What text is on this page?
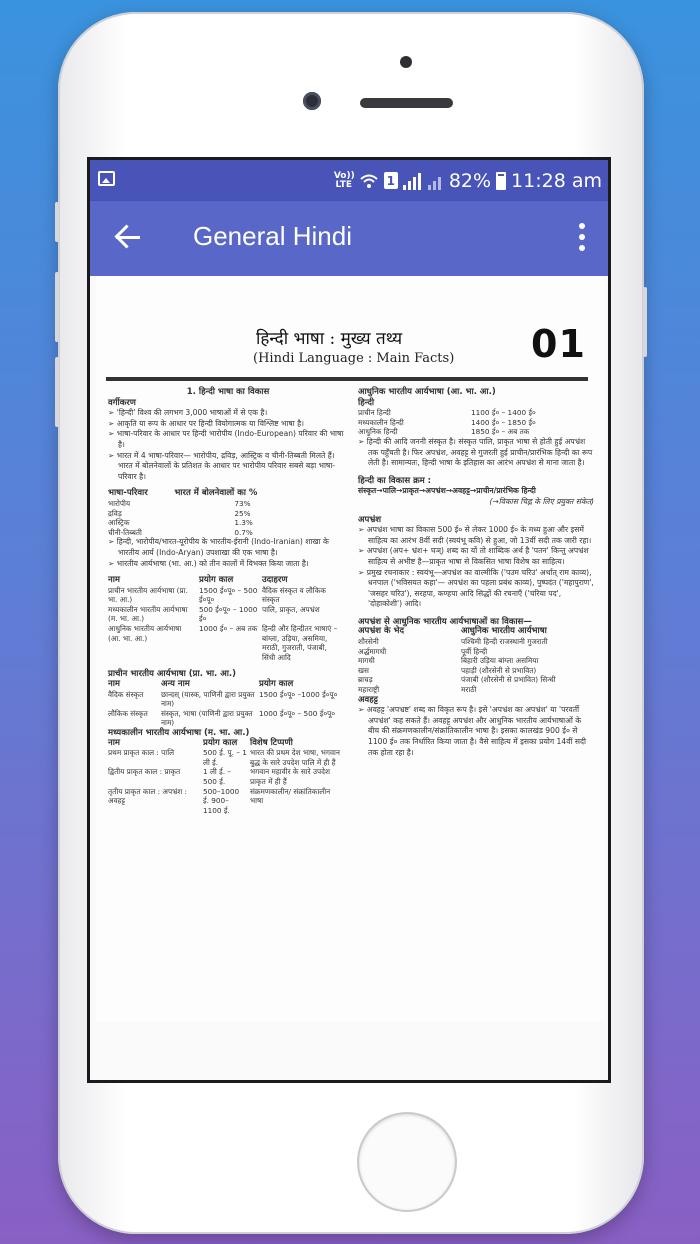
Vo)) LTE	1	82% 11:28 am
General Hindi
हिन्दी भाषा : मुख्य तथ्य
(Hindi Language : Main Facts) 01

1. हिन्दी भाषा का विकास

वर्गीकरण

➢ 'हिन्दी' विश्व की लगभग 3,000 भाषाओं में से एक है।

➢ आकृति या रूप के आधार पर हिन्दी वियोगात्मक या विश्लिष्ट भाषा है।

➢ भाषा-परिवार के आधार पर हिन्दी भारोपीय (Indo-European) परिवार की भाषा है।

➢ भारत में 4 भाषा-परिवार— भारोपीय, द्रविड़, आस्ट्रिक व चीनी-तिब्बती मिलते हैं। भारत में बोलनेवालों के प्रतिशत के आधार पर भारोपीय परिवार सबसे बड़ा भाषा-परिवार है।

भाषा-परिवार	भारत में बोलनेवालों का %
भारोपीय	73%
द्रविड़	25%
आस्ट्रिक	1.3%
चीनी-तिब्बती	0.7%

➢ हिन्दी, भारोपीय/भारत-यूरोपीय के भारतीय-ईरानी (Indo-Iranian) शाखा के भारतीय आर्य (Indo-Aryan) उपशाखा की एक भाषा है।

➢ भारतीय आर्यभाषा (भा. आ.) को तीन कालों में विभक्त किया जाता है।

नाम	प्रयोग काल	उदाहरण
प्राचीन भारतीय आर्यभाषा (प्रा. भा. आ.)	1500 ई०पू० – 500 ई०पू०	वैदिक संस्कृत व लौकिक संस्कृत
मध्यकालीन भारतीय आर्यभाषा (म. भा. आ.)	500 ई०पू० – 1000 ई०	पालि, प्राकृत, अपभ्रंश
आधुनिक भारतीय आर्यभाषा (आ. भा. आ.)	1000 ई० – अब तक	हिन्दी और हिन्दीतर भाषाएं –बांग्ला, उड़िया, असमिया, मराठी, गुजराती, पंजाबी, सिंधी आदि

प्राचीन भारतीय आर्यभाषा (प्रा. भा. आ.)

नाम	अन्य नाम	प्रयोग काल
वैदिक संस्कृत	छान्दस् (यास्क, पाणिनी द्वारा प्रयुक्त नाम)	1500 ई०पू० –1000 ई०पू०
लौकिक संस्कृत	संस्कृत, भाषा (पाणिनी द्वारा प्रयुक्त नाम)	1000 ई०पू० – 500 ई०पू०

मध्यकालीन भारतीय आर्यभाषा (म. भा. आ.)

नाम	प्रयोग काल	विशेष टिप्पणी
प्रथम प्राकृत काल : पालि	500 ई. पू. – 1 ली ई.	भारत की प्रथम देश भाषा, भगवान बुद्ध के सारे उपदेश पालि में ही हैं
द्वितीय प्राकृत काल : प्राकृत	1 ली ई. – 500 ई.	भगवान महावीर के सारे उपदेश प्राकृत में ही हैं
तृतीय प्राकृत काल : अपभ्रंश : अवहट्ट	500–1000 ई. 900–1100 ई.	संक्रमणकालीन/ संक्रांतिकालीन भाषा

आधुनिक भारतीय आर्यभाषा (आ. भा. आ.)

हिन्दी

प्राचीन हिन्दी	1100 ई० – 1400 ई०
मध्यकालीन हिन्दी	1400 ई० – 1850 ई०
आधुनिक हिन्दी	1850 ई० – अब तक

➢ हिन्दी की आदि जननी संस्कृत है। संस्कृत पालि, प्राकृत भाषा से होती हुई अपभ्रंश तक पहुँचती है। फिर अपभ्रंश, अवहट्ट से गुजरती हुई प्राचीन/प्रारंभिक हिन्दी का रूप लेती है। सामान्यतः, हिन्दी भाषा के इतिहास का आरंभ अपभ्रंश से माना जाता है।

हिन्दी का विकास क्रम :

संस्कृत→पालि→प्राकृत→अपभ्रंश→अवहट्ट→प्राचीन/प्रारंभिक हिन्दी

(→विकास चिह्न के लिए प्रयुक्त संकेत)

अपभ्रंश

➢ अपभ्रंश भाषा का विकास 500 ई० से लेकर 1000 ई० के मध्य हुआ और इसमें साहित्य का आरंभ 8वीं सदी (स्वयंभू कवि) से हुआ, जो 13वीं सदी तक जारी रहा।

➢ अपभ्रंश (अप+ भ्रंश+ घञ्) शब्द का यों तो शाब्दिक अर्थ है 'पतन' किन्तु अपभ्रंश साहित्य से अभीष्ट है—प्राकृत भाषा से विकसित भाषा विशेष का साहित्य।

➢ प्रमुख रचनाकार : स्वयंभू—अपभ्रंश का वाल्मीकि ('पउम चरिउ' अर्थात् राम काव्य), धनपाल ('भविसयत कहा'— अपभ्रंश का पहला प्रबंध काव्य), पुष्पदंत ('महापुराण', 'जसहर चरिउ'), सरहपा, कण्हपा आदि सिद्धों की रचनाएँ ('चरिया पद', 'दोहाकोशी') आदि।

अपभ्रंश से आधुनिक भारतीय आर्यभाषाओं का विकास—

अपभ्रंश के भेद	आधुनिक भारतीय आर्यभाषा
शौरसेनी	पश्चिमी हिन्दी राजस्थानी गुजराती
अर्द्धमागधी	पूर्वी हिन्दी
मागधी	बिहारी उड़िया बांग्ला असमिया
खस	पहाड़ी (शौरसेनी से प्रभावित)
ब्राचड़	पंजाबी (शौरसेनी से प्रभावित) सिन्धी
महाराष्ट्री	मराठी

अवहट्ट

➢ अवहट्ट 'अपभ्रष्ट' शब्द का विकृत रूप है। इसे 'अपभ्रंश का अपभ्रंश' या 'परवर्ती अपभ्रंश' कह सकते हैं। अवहट्ट अपभ्रंश और आधुनिक भारतीय आर्यभाषाओं के बीच की संक्रमणकालीन/संक्रांतिकालीन भाषा है। इसका कालखंड 900 ई० से 1100 ई० तक निर्धारित किया जाता है। वैसे साहित्य में इसका प्रयोग 14वीं सदी तक होता रहा है।
